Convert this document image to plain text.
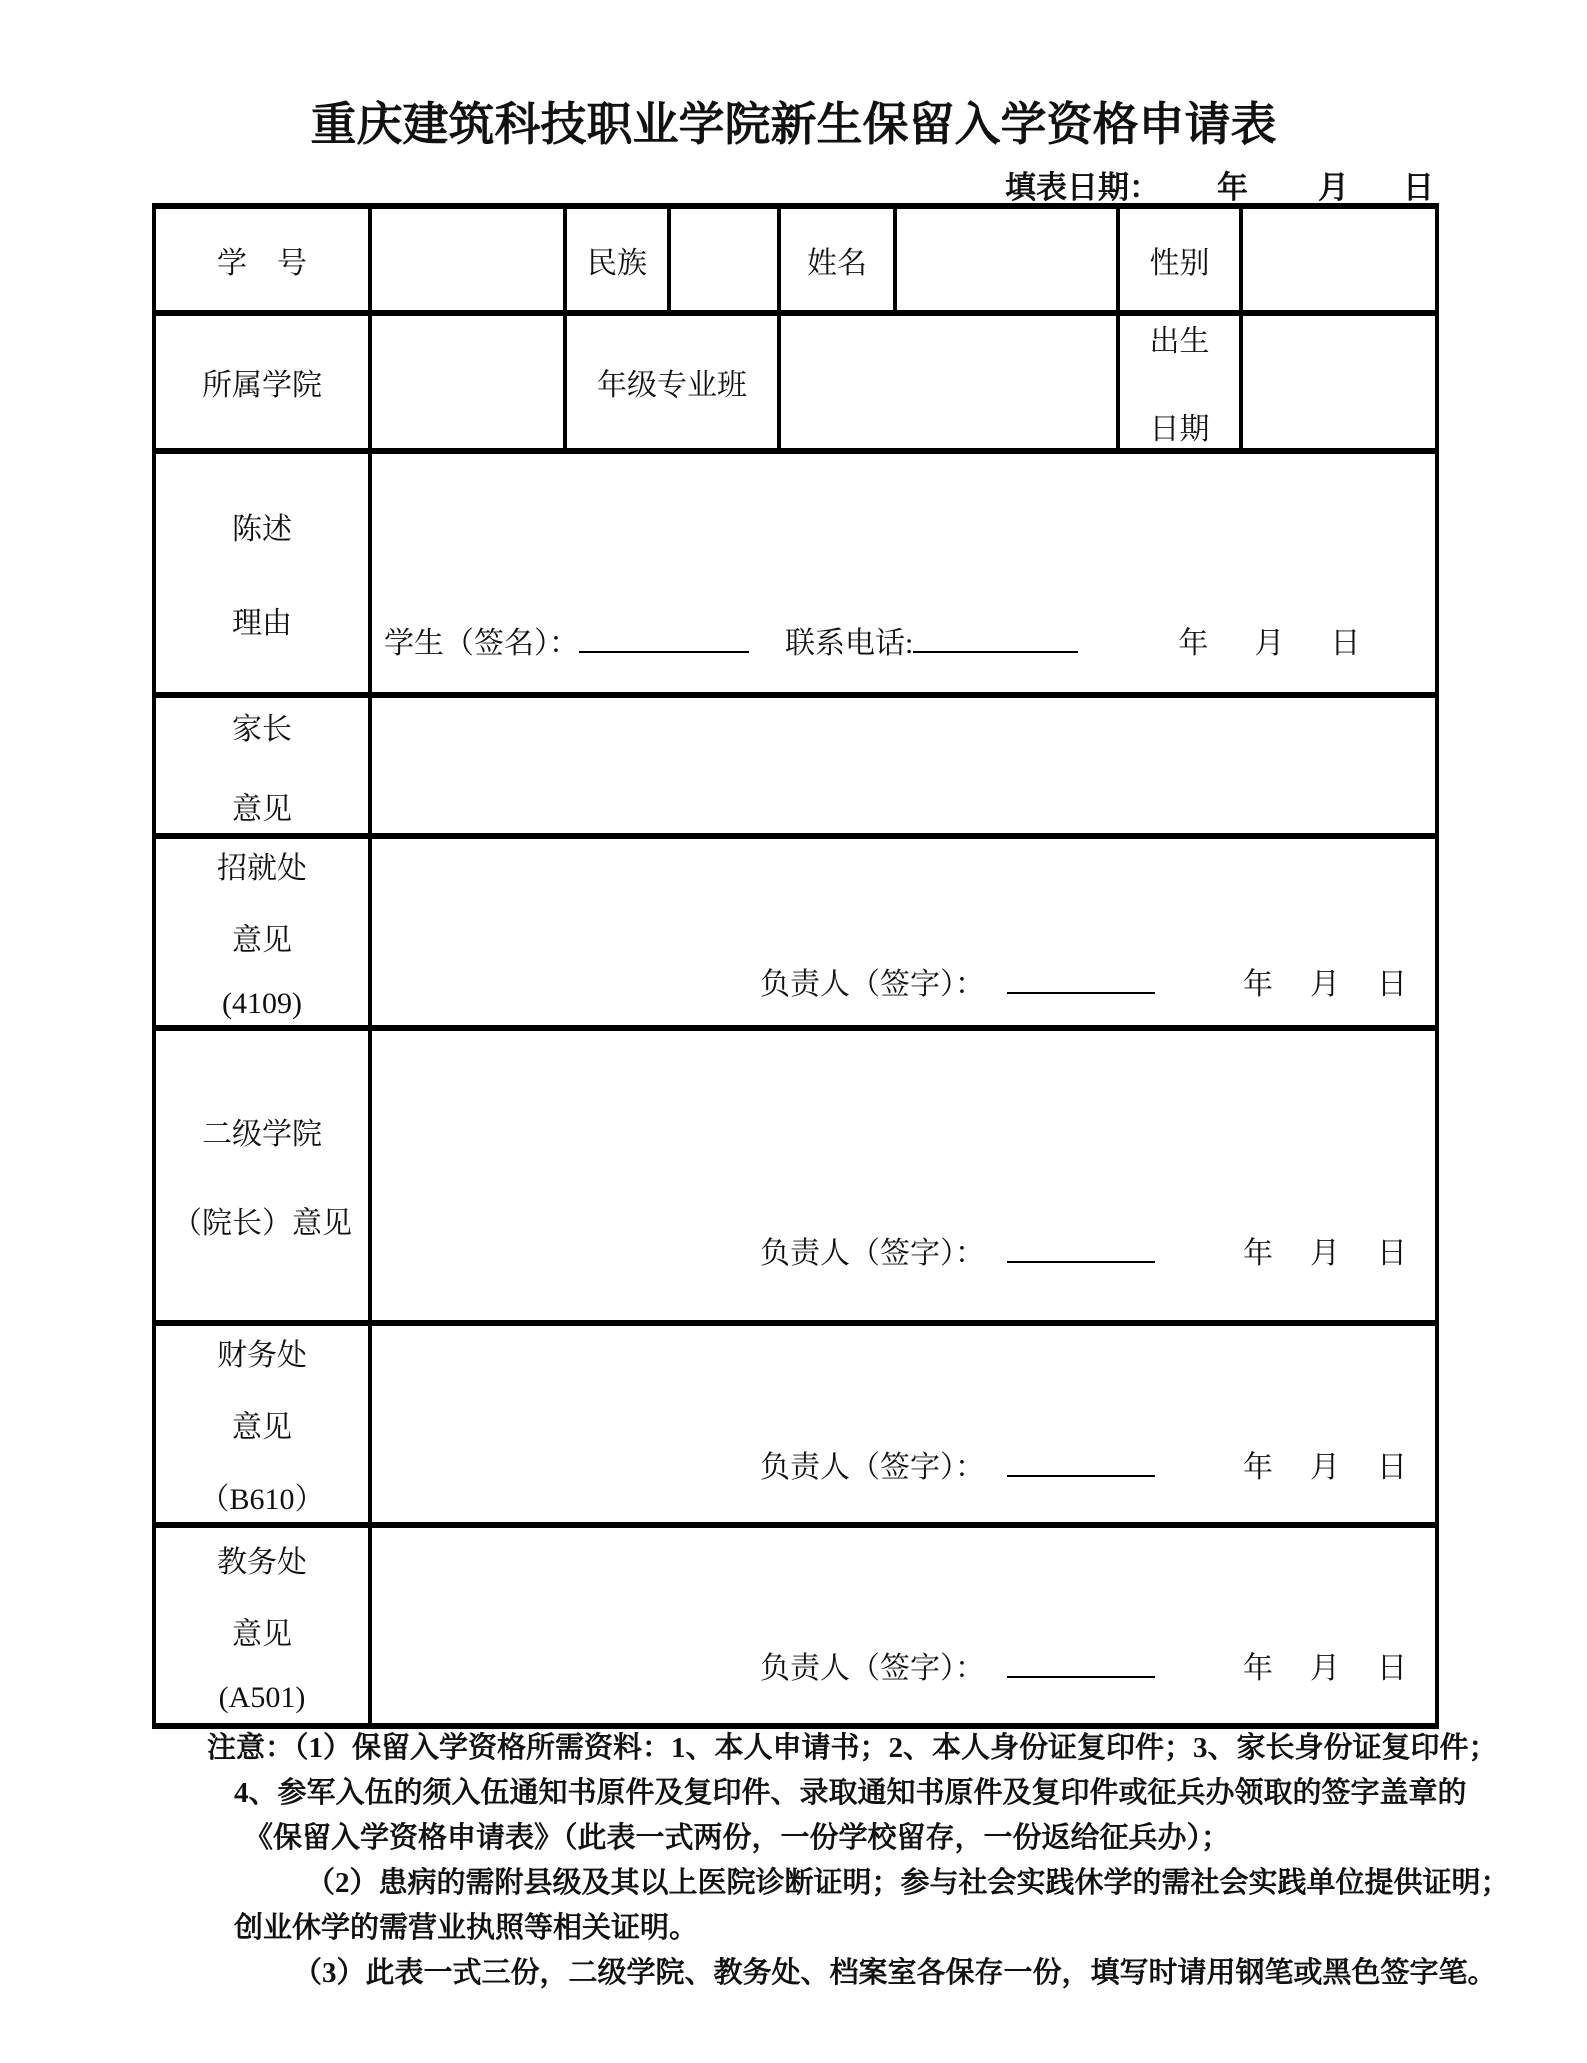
重庆建筑科技职业学院新生保留入学资格申请表
填表日期： 年 月 日
学　号		民族		姓名		性别	
所属学院		年级专业班				出生
日期	

陈述
理由	学生（签名）： 联系电话: 年 月 日						

家长
意见							

招就处
意见
(4109)	负责人（签字）： 年 月 日						

二级学院
（院长）意见	负责人（签字）： 年 月 日						

财务处
意见
（B610）	负责人（签字）： 年 月 日						

教务处
意见
(A501)	负责人（签字）： 年 月 日						
注意：（1）保留入学资格所需资料：1、本人申请书；2、本人身份证复印件；3、家长身份证复印件；
4、参军入伍的须入伍通知书原件及复印件、录取通知书原件及复印件或征兵办领取的签字盖章的
《保留入学资格申请表》（此表一式两份，一份学校留存，一份返给征兵办）；
（2）患病的需附县级及其以上医院诊断证明；参与社会实践休学的需社会实践单位提供证明；
创业休学的需营业执照等相关证明。
（3）此表一式三份，二级学院、教务处、档案室各保存一份，填写时请用钢笔或黑色签字笔。
